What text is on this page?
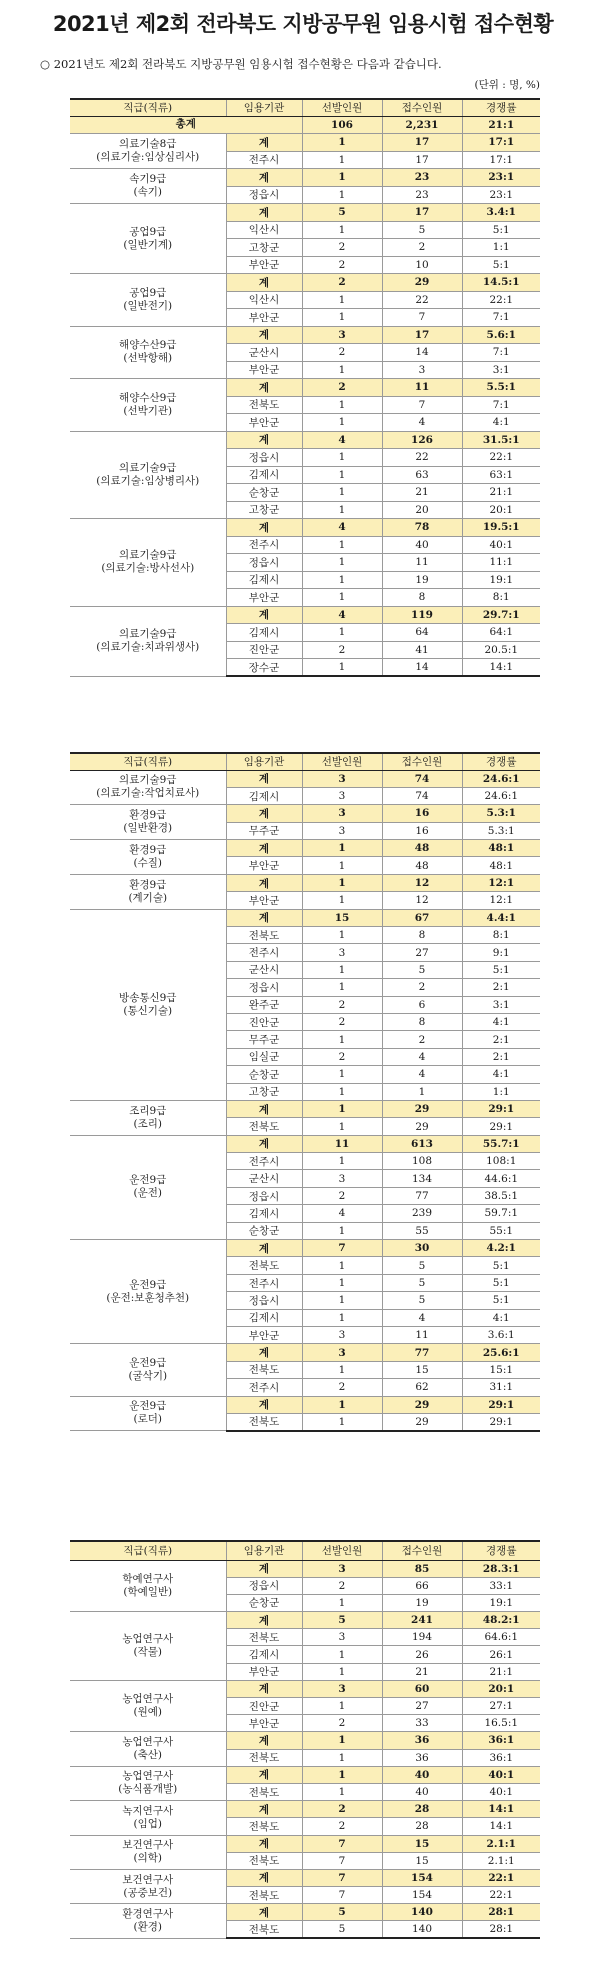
2021년 제2회 전라북도 지방공무원 임용시험 접수현황
○ 2021년도 제2회 전라북도 지방공무원 임용시험 접수현황은 다음과 같습니다.
(단위 : 명, %)
직급(직류)	임용기관	선발인원	접수인원	경쟁률
총계		106	2,231	21:1

의료기술8급
(의료기술:임상심리사)	계	1	17	17:1
	전주시	1	17	17:1

속기9급
(속기)	계	1	23	23:1
	정읍시	1	23	23:1

공업9급
(일반기계)	계	5	17	3.4:1
	익산시	1	5	5:1
	고창군	2	2	1:1
	부안군	2	10	5:1

공업9급
(일반전기)	계	2	29	14.5:1
	익산시	1	22	22:1
	부안군	1	7	7:1

해양수산9급
(선박항해)	계	3	17	5.6:1
	군산시	2	14	7:1
	부안군	1	3	3:1

해양수산9급
(선박기관)	계	2	11	5.5:1
	전북도	1	7	7:1
	부안군	1	4	4:1

의료기술9급
(의료기술:임상병리사)	계	4	126	31.5:1
	정읍시	1	22	22:1
	김제시	1	63	63:1
	순창군	1	21	21:1
	고창군	1	20	20:1

의료기술9급
(의료기술:방사선사)	계	4	78	19.5:1
	전주시	1	40	40:1
	정읍시	1	11	11:1
	김제시	1	19	19:1
	부안군	1	8	8:1

의료기술9급
(의료기술:치과위생사)	계	4	119	29.7:1
	김제시	1	64	64:1
	진안군	2	41	20.5:1
	장수군	1	14	14:1
직급(직류)	임용기관	선발인원	접수인원	경쟁률

의료기술9급
(의료기술:작업치료사)	계	3	74	24.6:1
	김제시	3	74	24.6:1

환경9급
(일반환경)	계	3	16	5.3:1
	무주군	3	16	5.3:1

환경9급
(수질)	계	1	48	48:1
	부안군	1	48	48:1

환경9급
(계기술)	계	1	12	12:1
	부안군	1	12	12:1

방송통신9급
(통신기술)	계	15	67	4.4:1
	전북도	1	8	8:1
	전주시	3	27	9:1
	군산시	1	5	5:1
	정읍시	1	2	2:1
	완주군	2	6	3:1
	진안군	2	8	4:1
	무주군	1	2	2:1
	임실군	2	4	2:1
	순창군	1	4	4:1
	고창군	1	1	1:1

조리9급
(조리)	계	1	29	29:1
	전북도	1	29	29:1

운전9급
(운전)	계	11	613	55.7:1
	전주시	1	108	108:1
	군산시	3	134	44.6:1
	정읍시	2	77	38.5:1
	김제시	4	239	59.7:1
	순창군	1	55	55:1

운전9급
(운전:보훈청추천)	계	7	30	4.2:1
	전북도	1	5	5:1
	전주시	1	5	5:1
	정읍시	1	5	5:1
	김제시	1	4	4:1
	부안군	3	11	3.6:1

운전9급
(굴삭기)	계	3	77	25.6:1
	전북도	1	15	15:1
	전주시	2	62	31:1

운전9급
(로더)	계	1	29	29:1
	전북도	1	29	29:1
직급(직류)	임용기관	선발인원	접수인원	경쟁률

학예연구사
(학예일반)	계	3	85	28.3:1
	정읍시	2	66	33:1
	순창군	1	19	19:1

농업연구사
(작물)	계	5	241	48.2:1
	전북도	3	194	64.6:1
	김제시	1	26	26:1
	부안군	1	21	21:1

농업연구사
(원예)	계	3	60	20:1
	진안군	1	27	27:1
	부안군	2	33	16.5:1

농업연구사
(축산)	계	1	36	36:1
	전북도	1	36	36:1

농업연구사
(농식품개발)	계	1	40	40:1
	전북도	1	40	40:1

녹지연구사
(임업)	계	2	28	14:1
	전북도	2	28	14:1

보건연구사
(의학)	계	7	15	2.1:1
	전북도	7	15	2.1:1

보건연구사
(공중보건)	계	7	154	22:1
	전북도	7	154	22:1

환경연구사
(환경)	계	5	140	28:1
	전북도	5	140	28:1
